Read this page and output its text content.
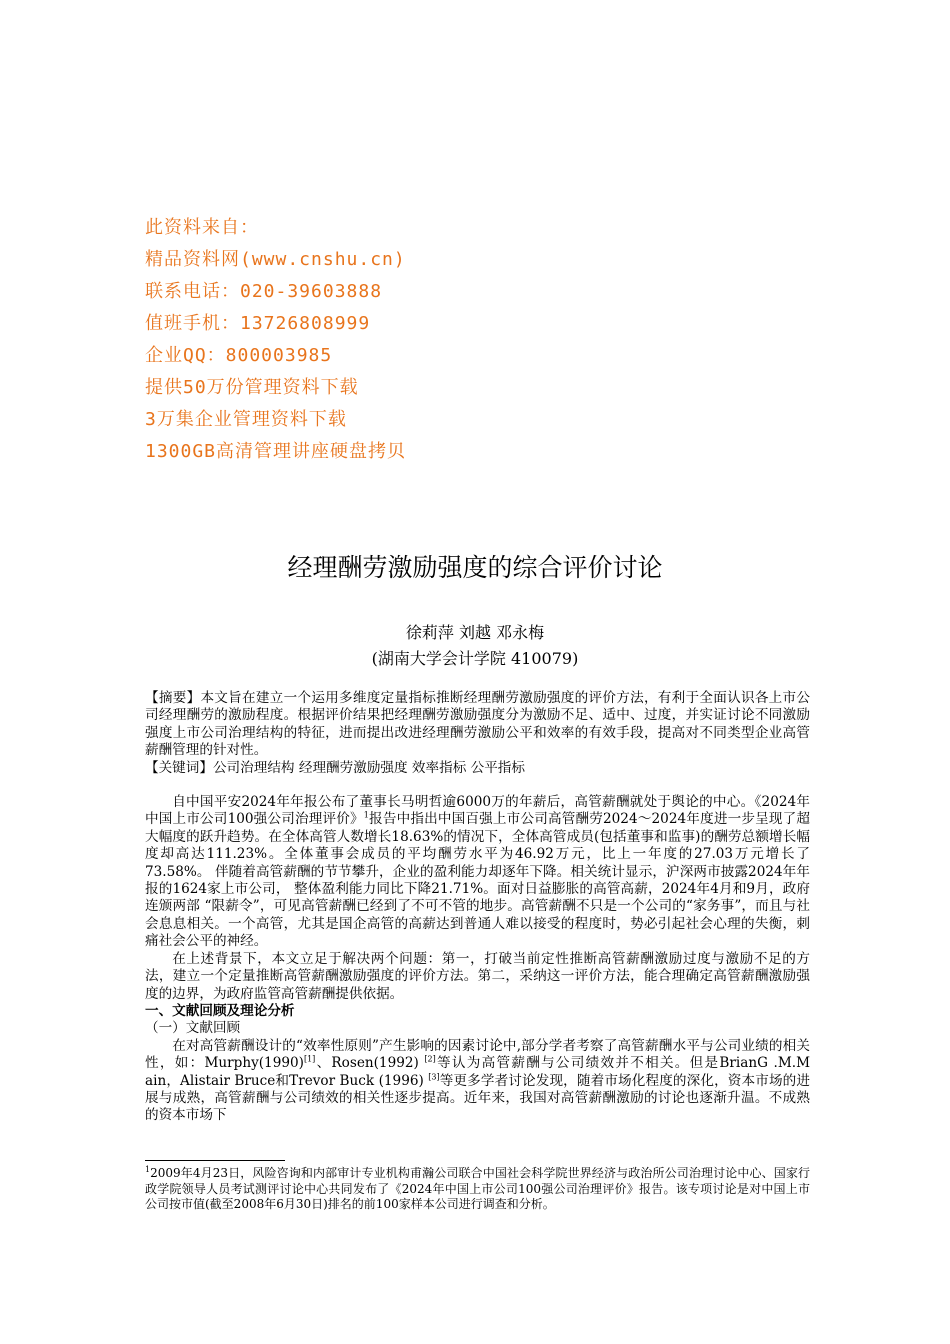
此资料来自：
精品资料网(www.cnshu.cn)
联系电话：020-39603888
值班手机：13726808999
企业QQ：800003985
提供50万份管理资料下载
3万集企业管理资料下载
1300GB高清管理讲座硬盘拷贝
经理酬劳激励强度的综合评价讨论
徐莉萍 刘越 邓永梅
(湖南大学会计学院 410079)

【摘要】本文旨在建立一个运用多维度定量指标推断经理酬劳激励强度的评价方法，有利于全面认识各上市公司经理酬劳的激励程度。根据评价结果把经理酬劳激励强度分为激励不足、适中、过度，并实证讨论不同激励强度上市公司治理结构的特征，进而提出改进经理酬劳激励公平和效率的有效手段，提高对不同类型企业高管薪酬管理的针对性。

【关键词】公司治理结构 经理酬劳激励强度 效率指标 公平指标

自中国平安2024年年报公布了董事长马明哲逾6000万的年薪后，高管薪酬就处于舆论的中心。《2024年中国上市公司100强公司治理评价》$^1$报告中指出中国百强上市公司高管酬劳2024～2024年度进一步呈现了超大幅度的跃升趋势。在全体高管人数增长18.63%的情况下，全体高管成员(包括董事和监事)的酬劳总额增长幅度却高达111.23%。全体董事会成员的平均酬劳水平为46.92万元，比上一年度的27.03万元增长了73.58%。 伴随着高管薪酬的节节攀升，企业的盈利能力却逐年下降。相关统计显示，沪深两市披露2024年年报的1624家上市公司， 整体盈利能力同比下降21.71%。面对日益膨胀的高管高薪，2024年4月和9月，政府连颁两部 “限薪令”，可见高管薪酬已经到了不可不管的地步。高管薪酬不只是一个公司的“家务事”，而且与社会息息相关。一个高管，尤其是国企高管的高薪达到普通人难以接受的程度时，势必引起社会心理的失衡，刺痛社会公平的神经。

在上述背景下，本文立足于解决两个问题：第一，打破当前定性推断高管薪酬激励过度与激励不足的方法，建立一个定量推断高管薪酬激励强度的评价方法。第二，采纳这一评价方法，能合理确定高管薪酬激励强度的边界，为政府监管高管薪酬提供依据。

一、文献回顾及理论分析

（一）文献回顾

在对高管薪酬设计的“效率性原则”产生影响的因素讨论中,部分学者考察了高管薪酬水平与公司业绩的相关性，如：Murphy(1990)[1]、Rosen(1992) [2]等认为高管薪酬与公司绩效并不相关。但是BrianG .M.M ain，Alistair Bruce和Trevor Buck (1996) [3]等更多学者讨论发现，随着市场化程度的深化，资本市场的进展与成熟，高管薪酬与公司绩效的相关性逐步提高。近年来，我国对高管薪酬激励的讨论也逐渐升温。不成熟的资本市场下

$^1$2009年4月23日，风险咨询和内部审计专业机构甫瀚公司联合中国社会科学院世界经济与政治所公司治理讨论中心、国家行政学院领导人员考试测评讨论中心共同发布了《2024年中国上市公司100强公司治理评价》报告。该专项讨论是对中国上市公司按市值(截至2008年6月30日)排名的前100家样本公司进行调查和分析。
